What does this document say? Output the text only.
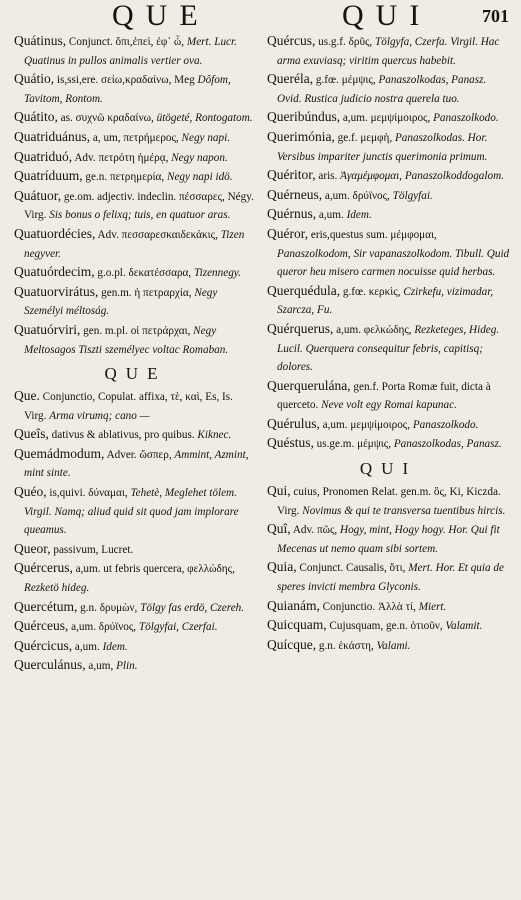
QUE	QUI	701

Quátinus, Conjunct. ὅπι,ἐπεὶ, ἐφ᾽ ὦ, Mert. Lucr. Quatinus in pullos animalis vertier ova.

Quátio, is,ssi,ere. σείω,κραδαίνω, Meg Dôfom, Tavitom, Rontom.

Quátito, as. συχνῶ κραδαίνω, ütögeté, Rontogatom.

Quatriduánus, a, um, πετρήμερος, Negy napi.

Quatriduó, Adv. πετρότη ἡμέρᾳ, Negy napon.

Quatríduum, ge.n. πετρημερία, Negy napi idö.

Quátuor, ge.om. adjectiv. indeclin. πέσσαρες, Négy. Virg. Sis bonus o felixq; tuis, en quatuor aras.

Quatuordécies, Adv. πεσσαρεσκαιδεκάκις, Tizen negyver.

Quatuórdecim, g.o.pl. δεκατέσσαρα, Tizennegy.

Quatuorvirátus, gen.m. ἡ πετραρχία, Negy Személyi méltoság.

Quatuórviri, gen. m.pl. οἱ πετράρχαι, Negy Meltosagos Tiszti személyec voltac Romaban.

QUE

Que. Conjunctio, Copulat. affixa, τὲ, καὶ, Es, Is. Virg. Arma virumq; cano —

Queîs, dativus & ablativus, pro quibus. Kiknec.

Quemádmodum, Adver. ὥσπερ, Ammint, Azmint, mint sinte.

Quéo, is,quivi. δύναμαι, Tehetè, Meglehet tölem. Virgil. Namq; aliud quid sit quod jam implorare queamus.

Queor, passivum, Lucret.

Quércerus, a,um. ut febris quercera, φελλώδης, Rezketö hideg.

Quercétum, g.n. δρυμὼν, Tölgy fas erdö, Czereh.

Quérceus, a,um. δρύϊνος, Tölgyfai, Czerfai.

Quércicus, a,um. Idem.

Querculánus, a,um, Plin.

Quércus, us.g.f. δρῦς, Tölgyfa, Czerfa. Virgil. Hac arma exuviasq; viritim quercus habebit.

Queréla, g.fœ. μέμψις, Panaszolkodas, Panasz. Ovid. Rustica judicio nostra querela tuo.

Queribúndus, a,um. μεμψίμοιρος, Panaszolkodo.

Querimónia, ge.f. μεμφὴ, Panaszolkodas. Hor. Versibus impariter junctis querimonia primum.

Quéritor, aris. Ἀγαμέμφομαι, Panaszolkoddogalom.

Quérneus, a,um. δρύϊνος, Tölgyfai.

Quérnus, a,um. Idem.

Quéror, eris,questus sum. μέμφομαι, Panaszolkodom, Sir vapanaszolkodom. Tibull. Quid queror heu misero carmen nocuisse quid herbas.

Querquédula, g.fœ. κερκὶς, Czirkefu, vizimadar, Szarcza, Fu.

Quérquerus, a,um. φελκώδης, Rezketeges, Hideg. Lucil. Querquera consequitur febris, capitisq; dolores.

Querquerulána, gen.f. Porta Romæ fuit, dicta à querceto. Neve volt egy Romai kapunac.

Quérulus, a,um. μεμψίμοιρος, Panaszolkodo.

Quéstus, us.ge.m. μέμψις, Panaszolkodas, Panasz.

QUI

Qui, cuius, Pronomen Relat. gen.m. ὃς, Ki, Kiczda. Virg. Novimus & qui te transversa tuentibus hircis.

Quî, Adv. πῶς, Hogy, mint, Hogy hogy. Hor. Qui fit Mecenas ut nemo quam sibi sortem.

Quia, Conjunct. Causalis, ὅτι, Mert. Hor. Et quia de speres invicti membra Glyconis.

Quianám, Conjunctio. Ἀλλὰ τί, Miert.

Quicquam, Cujusquam, ge.n. ὁτιοῦν, Valamit.

Quícque, g.n. ἑκάστη, Valami.
